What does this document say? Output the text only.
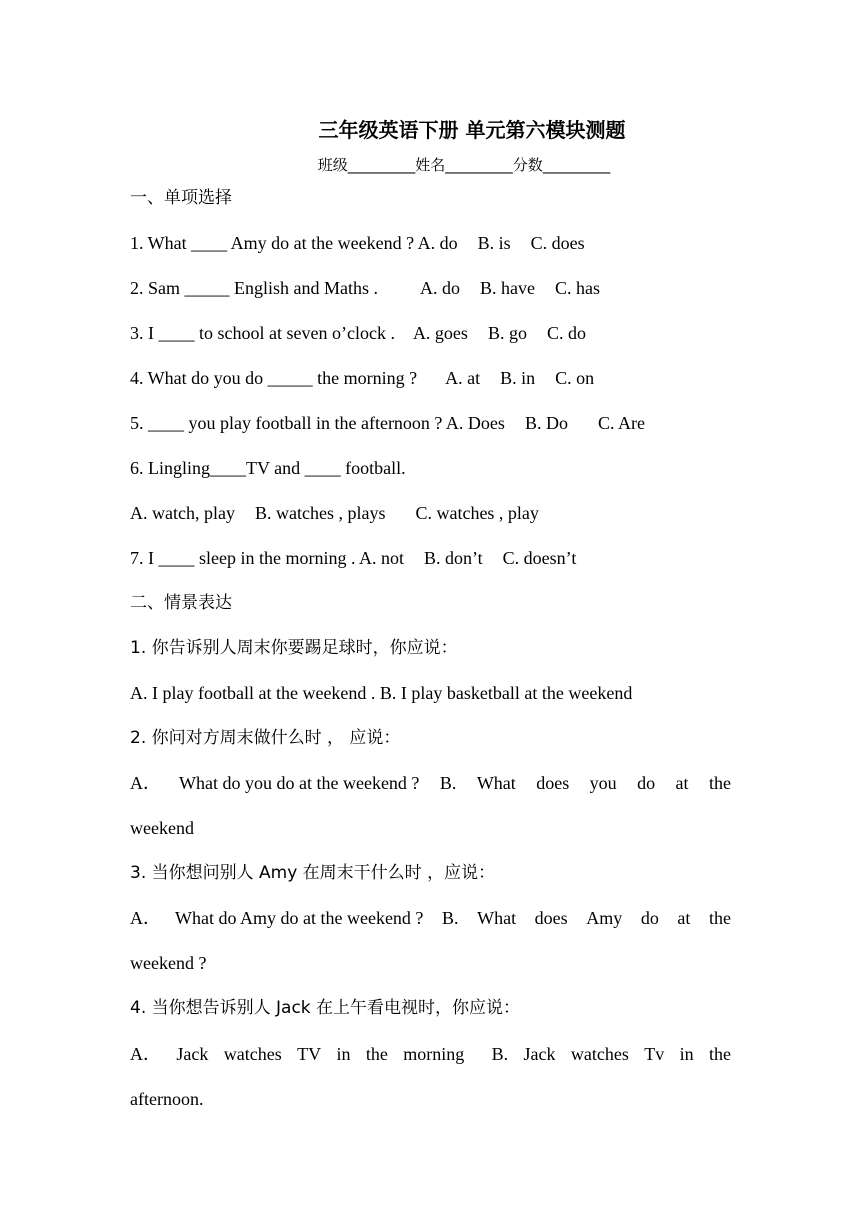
三年级英语下册 单元第六模块测题
班级_________姓名_________分数_________
一、单项选择
1. What ____ Amy do at the weekend ? A. do B. is C. does
2. Sam _____ English and Maths . A. do B. have C. has
3. I ____ to school at seven o’clock . A. goes B. go C. do
4. What do you do _____ the morning ? A. at B. in C. on
5. ____ you play football in the afternoon ? A. Does B. Do C. Are
6. Lingling____TV and ____ football.
A. watch, play B. watches , plays C. watches , play
7. I ____ sleep in the morning . A. not B. don’t C. doesn’t
二、情景表达
1. 你告诉别人周末你要踢足球时，你应说：
A. I play football at the weekend . B. I play basketball at the weekend
2. 你问对方周末做什么时 ， 应说：
A． What do you do at the weekend ? B. What does you do at the
weekend
3. 当你想问别人 Amy 在周末干什么时 ，应说：
A． What do Amy do at the weekend ? B. What does Amy do at the
weekend ?
4. 当你想告诉别人 Jack 在上午看电视时，你应说：
A． Jack watches TV in the morning B. Jack watches Tv in the
afternoon.
